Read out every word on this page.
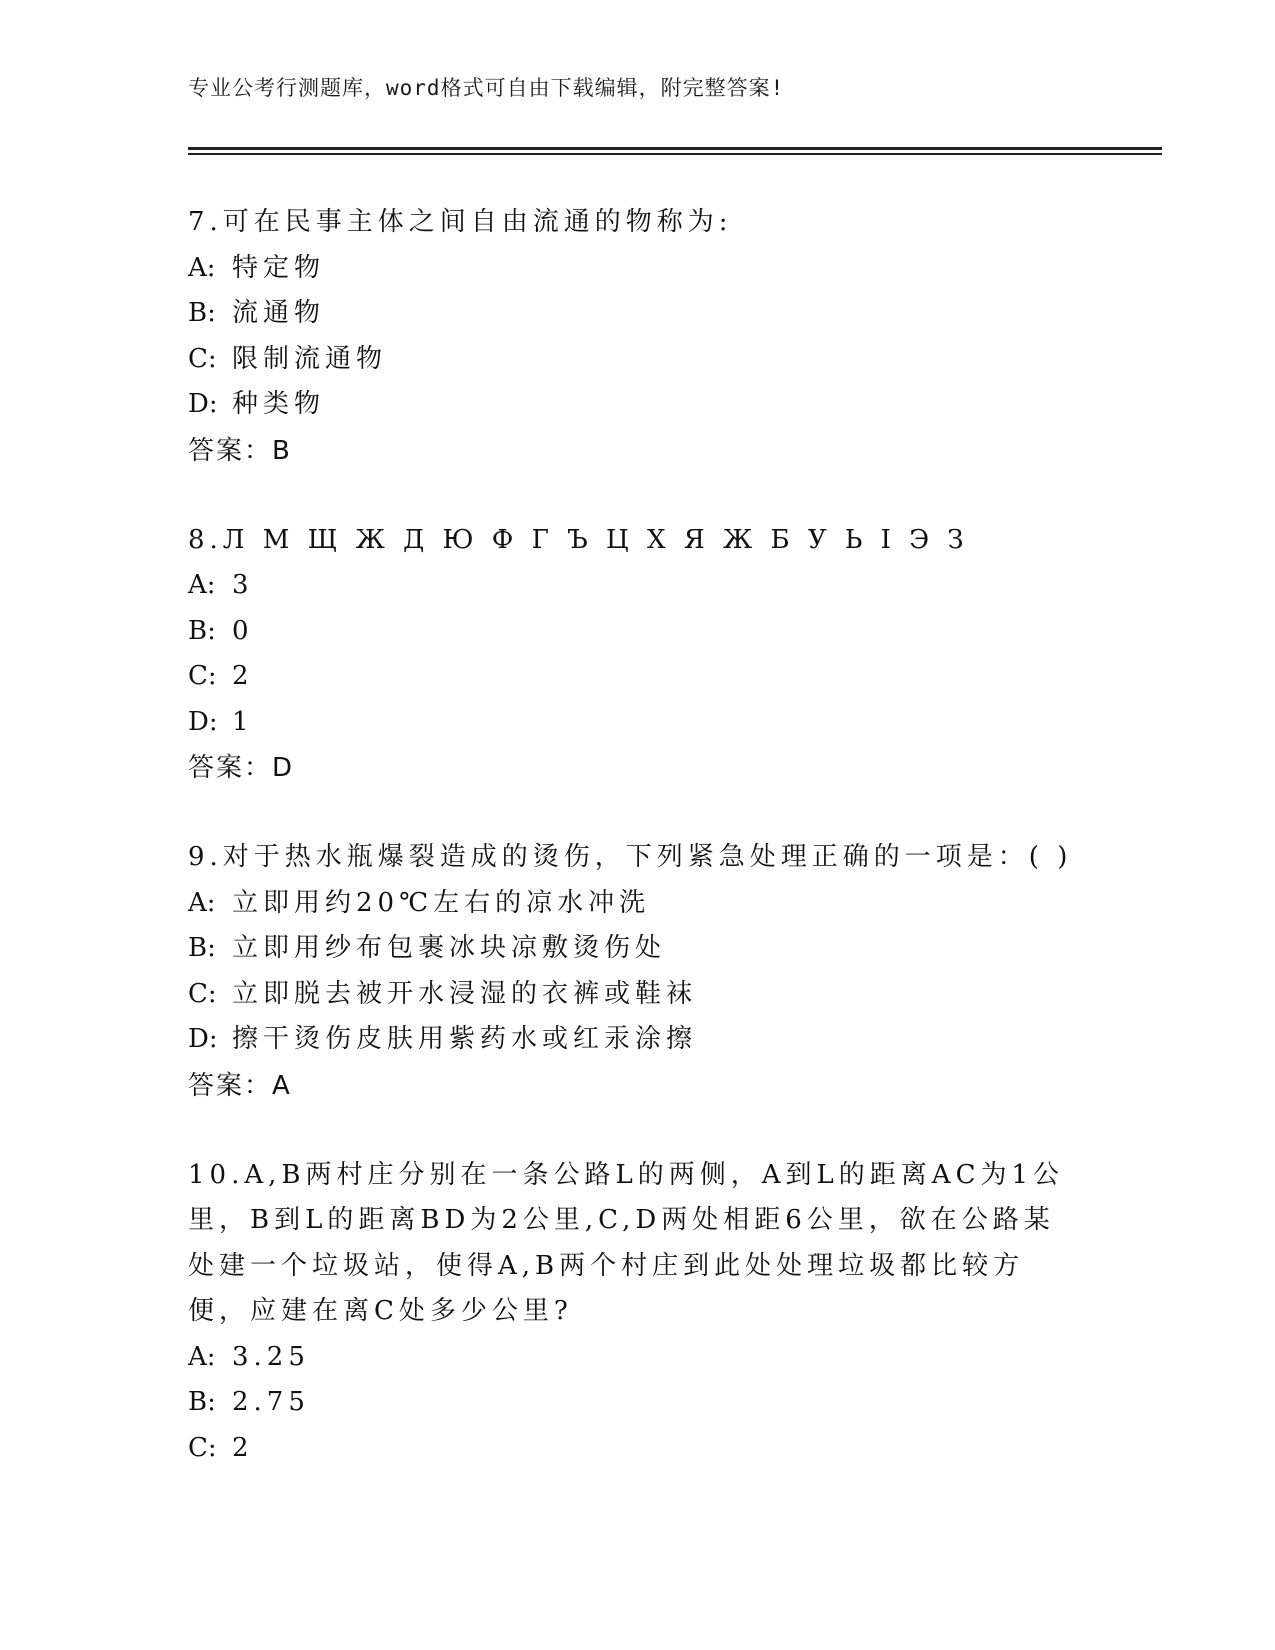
专业公考行测题库，word格式可自由下载编辑，附完整答案!
7.可在民事主体之间自由流通的物称为:
A: 特定物
B: 流通物
C: 限制流通物
D: 种类物
答案：B
8.Л М Щ Ж Д Ю Ф Г Ъ Ц Х Я Ж Б У Ь I Э З
A: 3
B: 0
C: 2
D: 1
答案：D
9.对于热水瓶爆裂造成的烫伤，下列紧急处理正确的一项是：( )
A: 立即用约20℃左右的凉水冲洗
B: 立即用纱布包裹冰块凉敷烫伤处
C: 立即脱去被开水浸湿的衣裤或鞋袜
D: 擦干烫伤皮肤用紫药水或红汞涂擦
答案：A
10.A,B两村庄分别在一条公路L的两侧，A到L的距离AC为1公里，B到L的距离BD为2公里,C,D两处相距6公里，欲在公路某处建一个垃圾站，使得A,B两个村庄到此处处理垃圾都比较方便，应建在离C处多少公里?
A: 3.25
B: 2.75
C: 2
